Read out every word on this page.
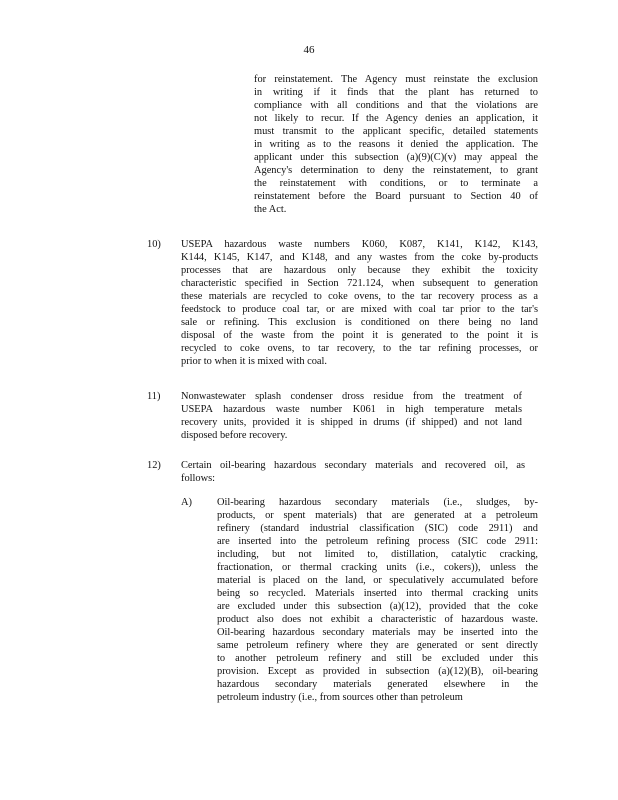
46
for reinstatement. The Agency must reinstate the exclusion
in writing if it finds that the plant has returned to
compliance with all conditions and that the violations are
not likely to recur. If the Agency denies an application, it
must transmit to the applicant specific, detailed statements
in writing as to the reasons it denied the application. The
applicant under this subsection (a)(9)(C)(v) may appeal the
Agency's determination to deny the reinstatement, to grant
the reinstatement with conditions, or to terminate a
reinstatement before the Board pursuant to Section 40 of
the Act.
10) USEPA hazardous waste numbers K060, K087, K141, K142, K143,
K144, K145, K147, and K148, and any wastes from the coke by-products
processes that are hazardous only because they exhibit the toxicity
characteristic specified in Section 721.124, when subsequent to generation
these materials are recycled to coke ovens, to the tar recovery process as a
feedstock to produce coal tar, or are mixed with coal tar prior to the tar's
sale or refining. This exclusion is conditioned on there being no land
disposal of the waste from the point it is generated to the point it is
recycled to coke ovens, to tar recovery, to the tar refining processes, or
prior to when it is mixed with coal.
11) Nonwastewater splash condenser dross residue from the treatment of
USEPA hazardous waste number K061 in high temperature metals
recovery units, provided it is shipped in drums (if shipped) and not land
disposed before recovery.
12) Certain oil-bearing hazardous secondary materials and recovered oil, as
follows:
A) Oil-bearing hazardous secondary materials (i.e., sludges, by-
products, or spent materials) that are generated at a petroleum
refinery (standard industrial classification (SIC) code 2911) and
are inserted into the petroleum refining process (SIC code 2911:
including, but not limited to, distillation, catalytic cracking,
fractionation, or thermal cracking units (i.e., cokers)), unless the
material is placed on the land, or speculatively accumulated before
being so recycled. Materials inserted into thermal cracking units
are excluded under this subsection (a)(12), provided that the coke
product also does not exhibit a characteristic of hazardous waste.
Oil-bearing hazardous secondary materials may be inserted into the
same petroleum refinery where they are generated or sent directly
to another petroleum refinery and still be excluded under this
provision. Except as provided in subsection (a)(12)(B), oil-bearing
hazardous secondary materials generated elsewhere in the
petroleum industry (i.e., from sources other than petroleum
